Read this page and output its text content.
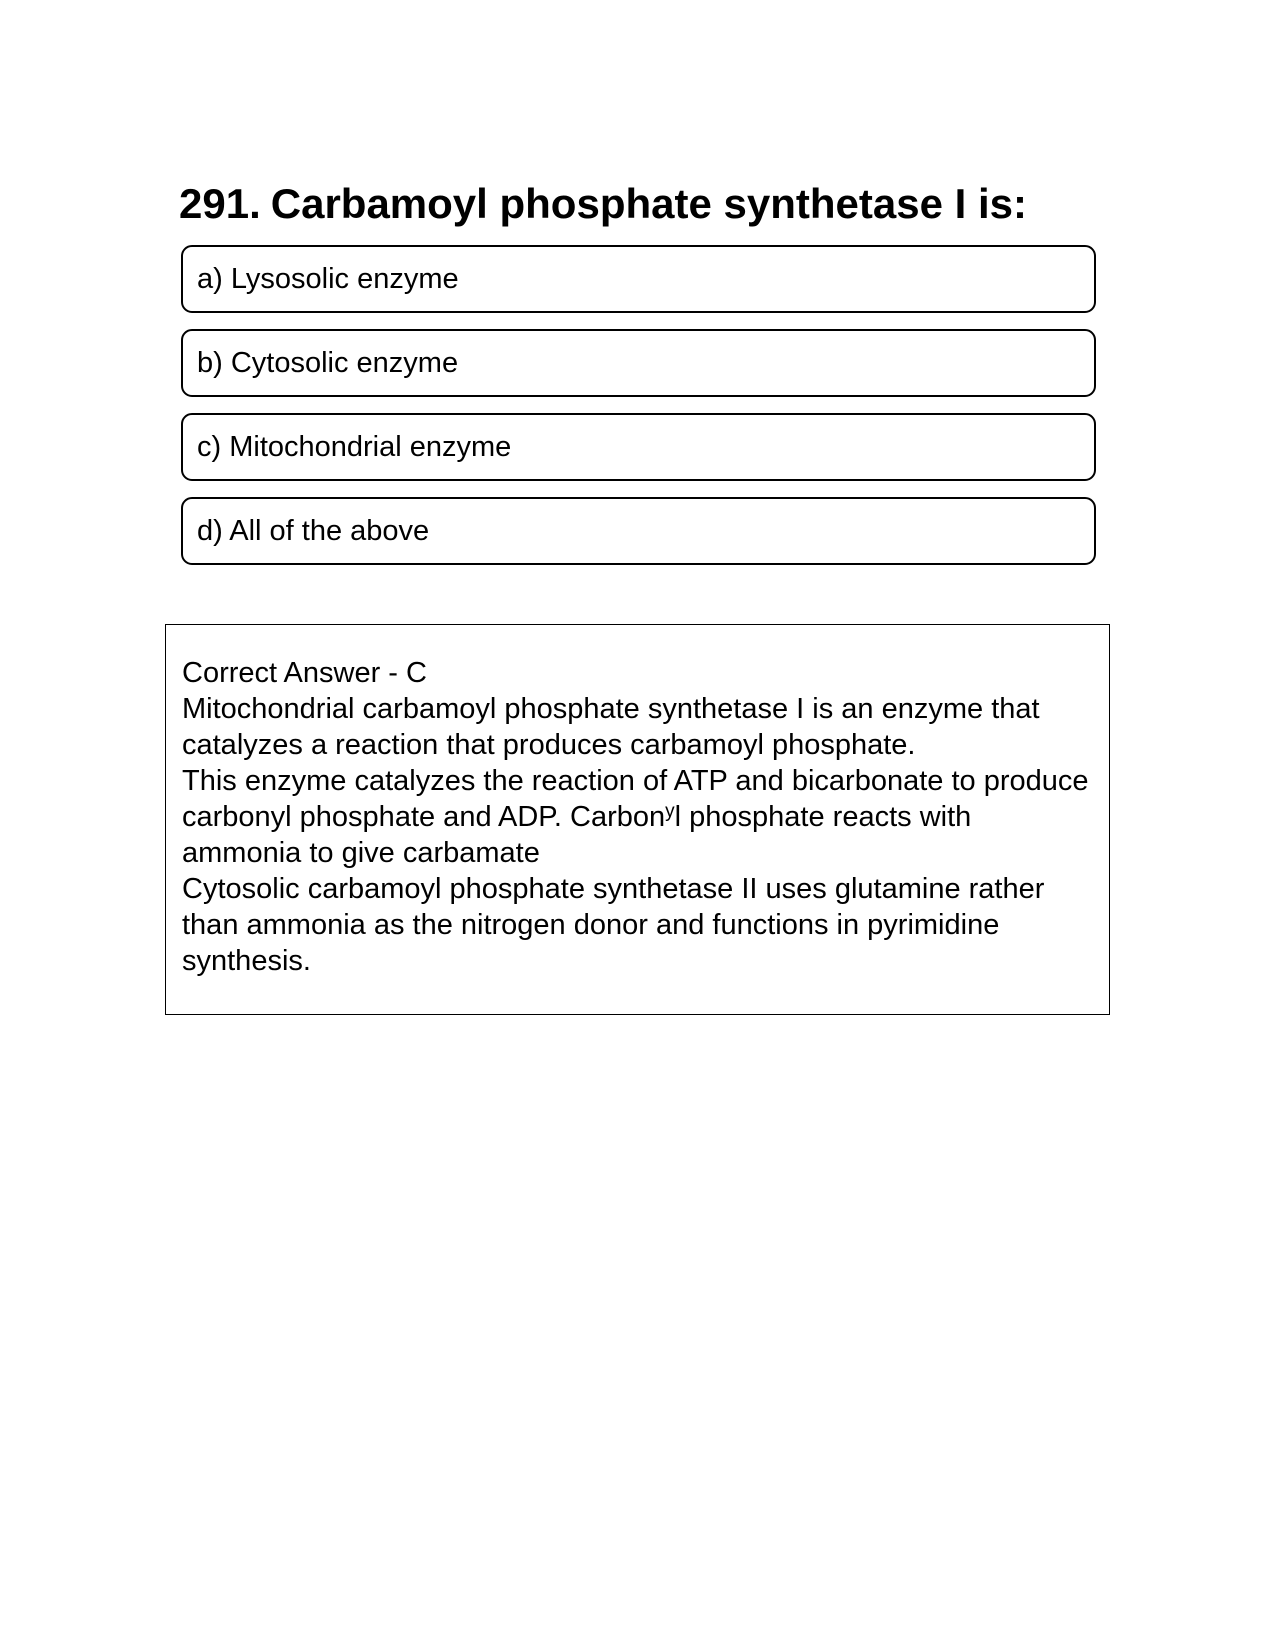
291. Carbamoyl phosphate synthetase I is:
a) Lysosolic enzyme
b) Cytosolic enzyme
c) Mitochondrial enzyme
d) All of the above
Correct Answer - C
Mitochondrial carbamoyl phosphate synthetase I is an enzyme that catalyzes a reaction that produces carbamoyl phosphate.
This enzyme catalyzes the reaction of ATP and bicarbonate to produce carbonyl phosphate and ADP. Carbon$^y$l phosphate reacts with ammonia to give carbamate
Cytosolic carbamoyl phosphate synthetase II uses glutamine rather than ammonia as the nitrogen donor and functions in pyrimidine synthesis.
